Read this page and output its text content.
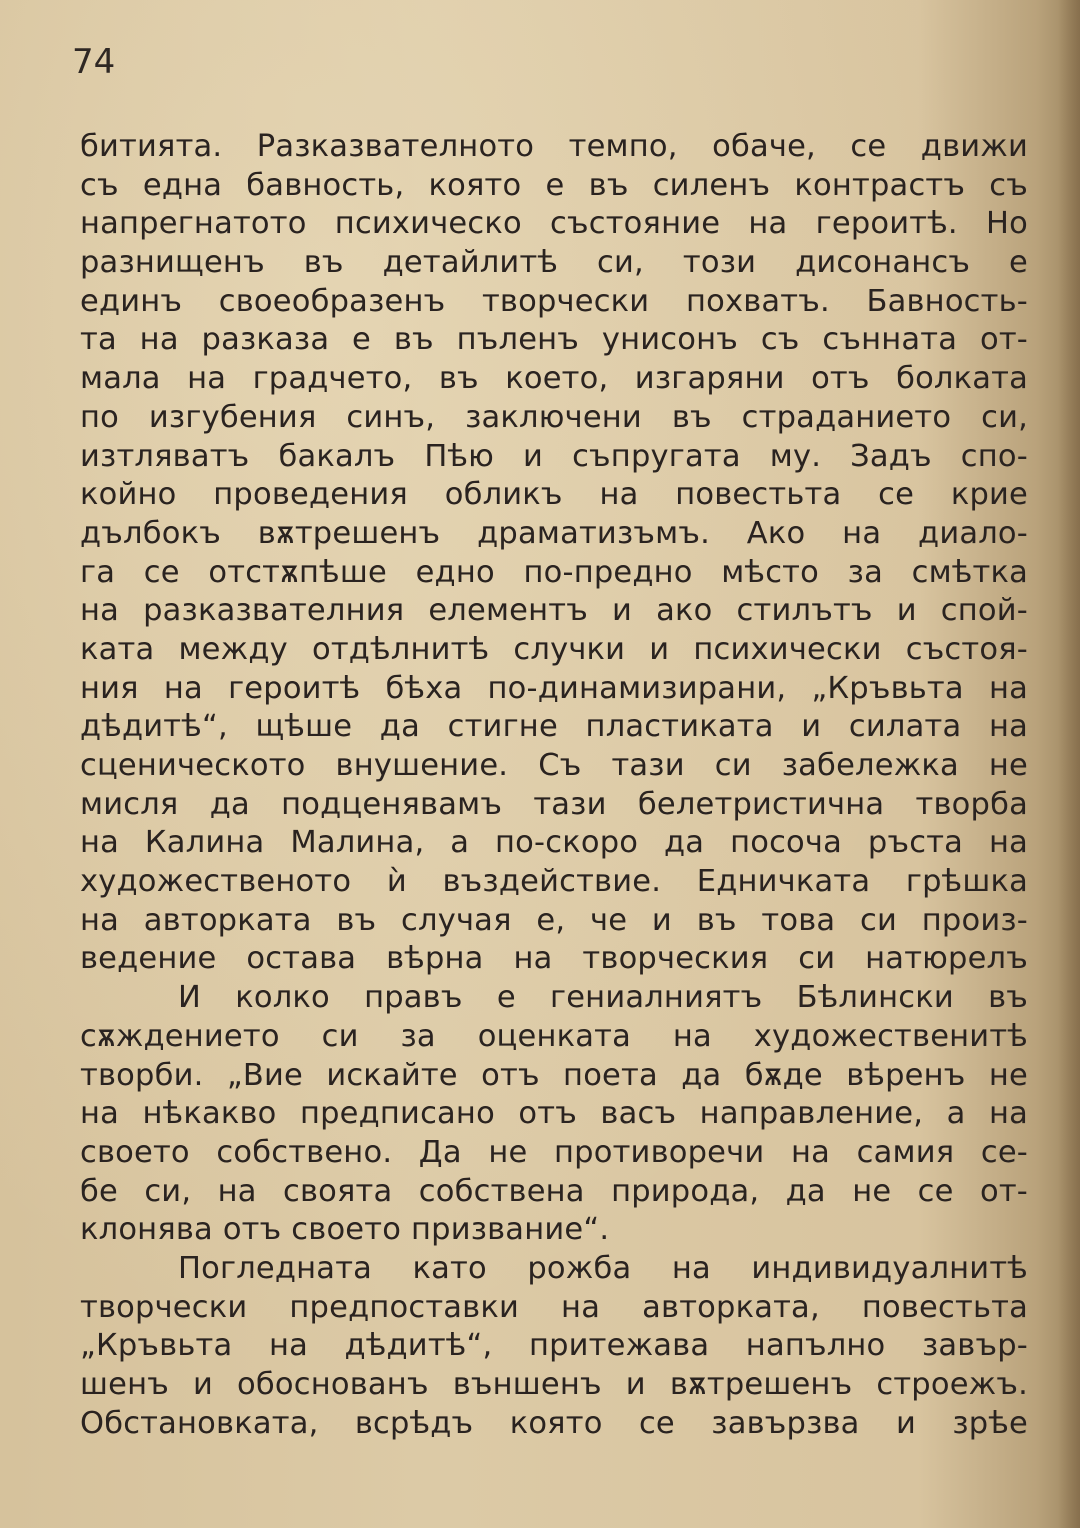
74
битията. Разказвателното темпо, обаче, се движи
съ една бавность, която е въ силенъ контрастъ съ
напрегнатото психическо състояние на героитѣ. Но
разнищенъ въ детайлитѣ си, този дисонансъ е
единъ своеобразенъ творчески похватъ. Бавность-
та на разказа е въ пъленъ унисонъ съ сънната от-
мала на градчето, въ което, изгаряни отъ болката
по изгубения синъ, заключени въ страданието си,
изтляватъ бакалъ Пѣю и съпругата му. Задъ спо-
койно проведения обликъ на повестьта се крие
дълбокъ вѫтрешенъ драматизъмъ. Ако на диало-
га се отстѫпѣше едно по-предно мѣсто за смѣтка
на разказвателния елементъ и ако стилътъ и спой-
ката между отдѣлнитѣ случки и психически състоя-
ния на героитѣ бѣха по-динамизирани, „Кръвьта на
дѣдитѣ“, щѣше да стигне пластиката и силата на
сценическото внушение. Съ тази си забележка не
мисля да подценявамъ тази белетристична творба
на Калина Малина, а по-скоро да посоча ръста на
художественото ѝ въздействие. Едничката грѣшка
на авторката въ случая е, че и въ това си произ-
ведение остава вѣрна на творческия си натюрелъ
И колко правъ е гениалниятъ Бѣлински въ
сѫждението си за оценката на художественитѣ
творби. „Вие искайте отъ поета да бѫде вѣренъ не
на нѣкакво предписано отъ васъ направление, а на
своето собствено. Да не противоречи на самия се-
бе си, на своята собствена природа, да не се от-
клонява отъ своето призвание“.
Погледната като рожба на индивидуалнитѣ
творчески предпоставки на авторката, повестьта
„Кръвьта на дѣдитѣ“, притежава напълно завър-
шенъ и обоснованъ външенъ и вѫтрешенъ строежъ.
Обстановката, всрѣдъ която се завързва и зрѣе
